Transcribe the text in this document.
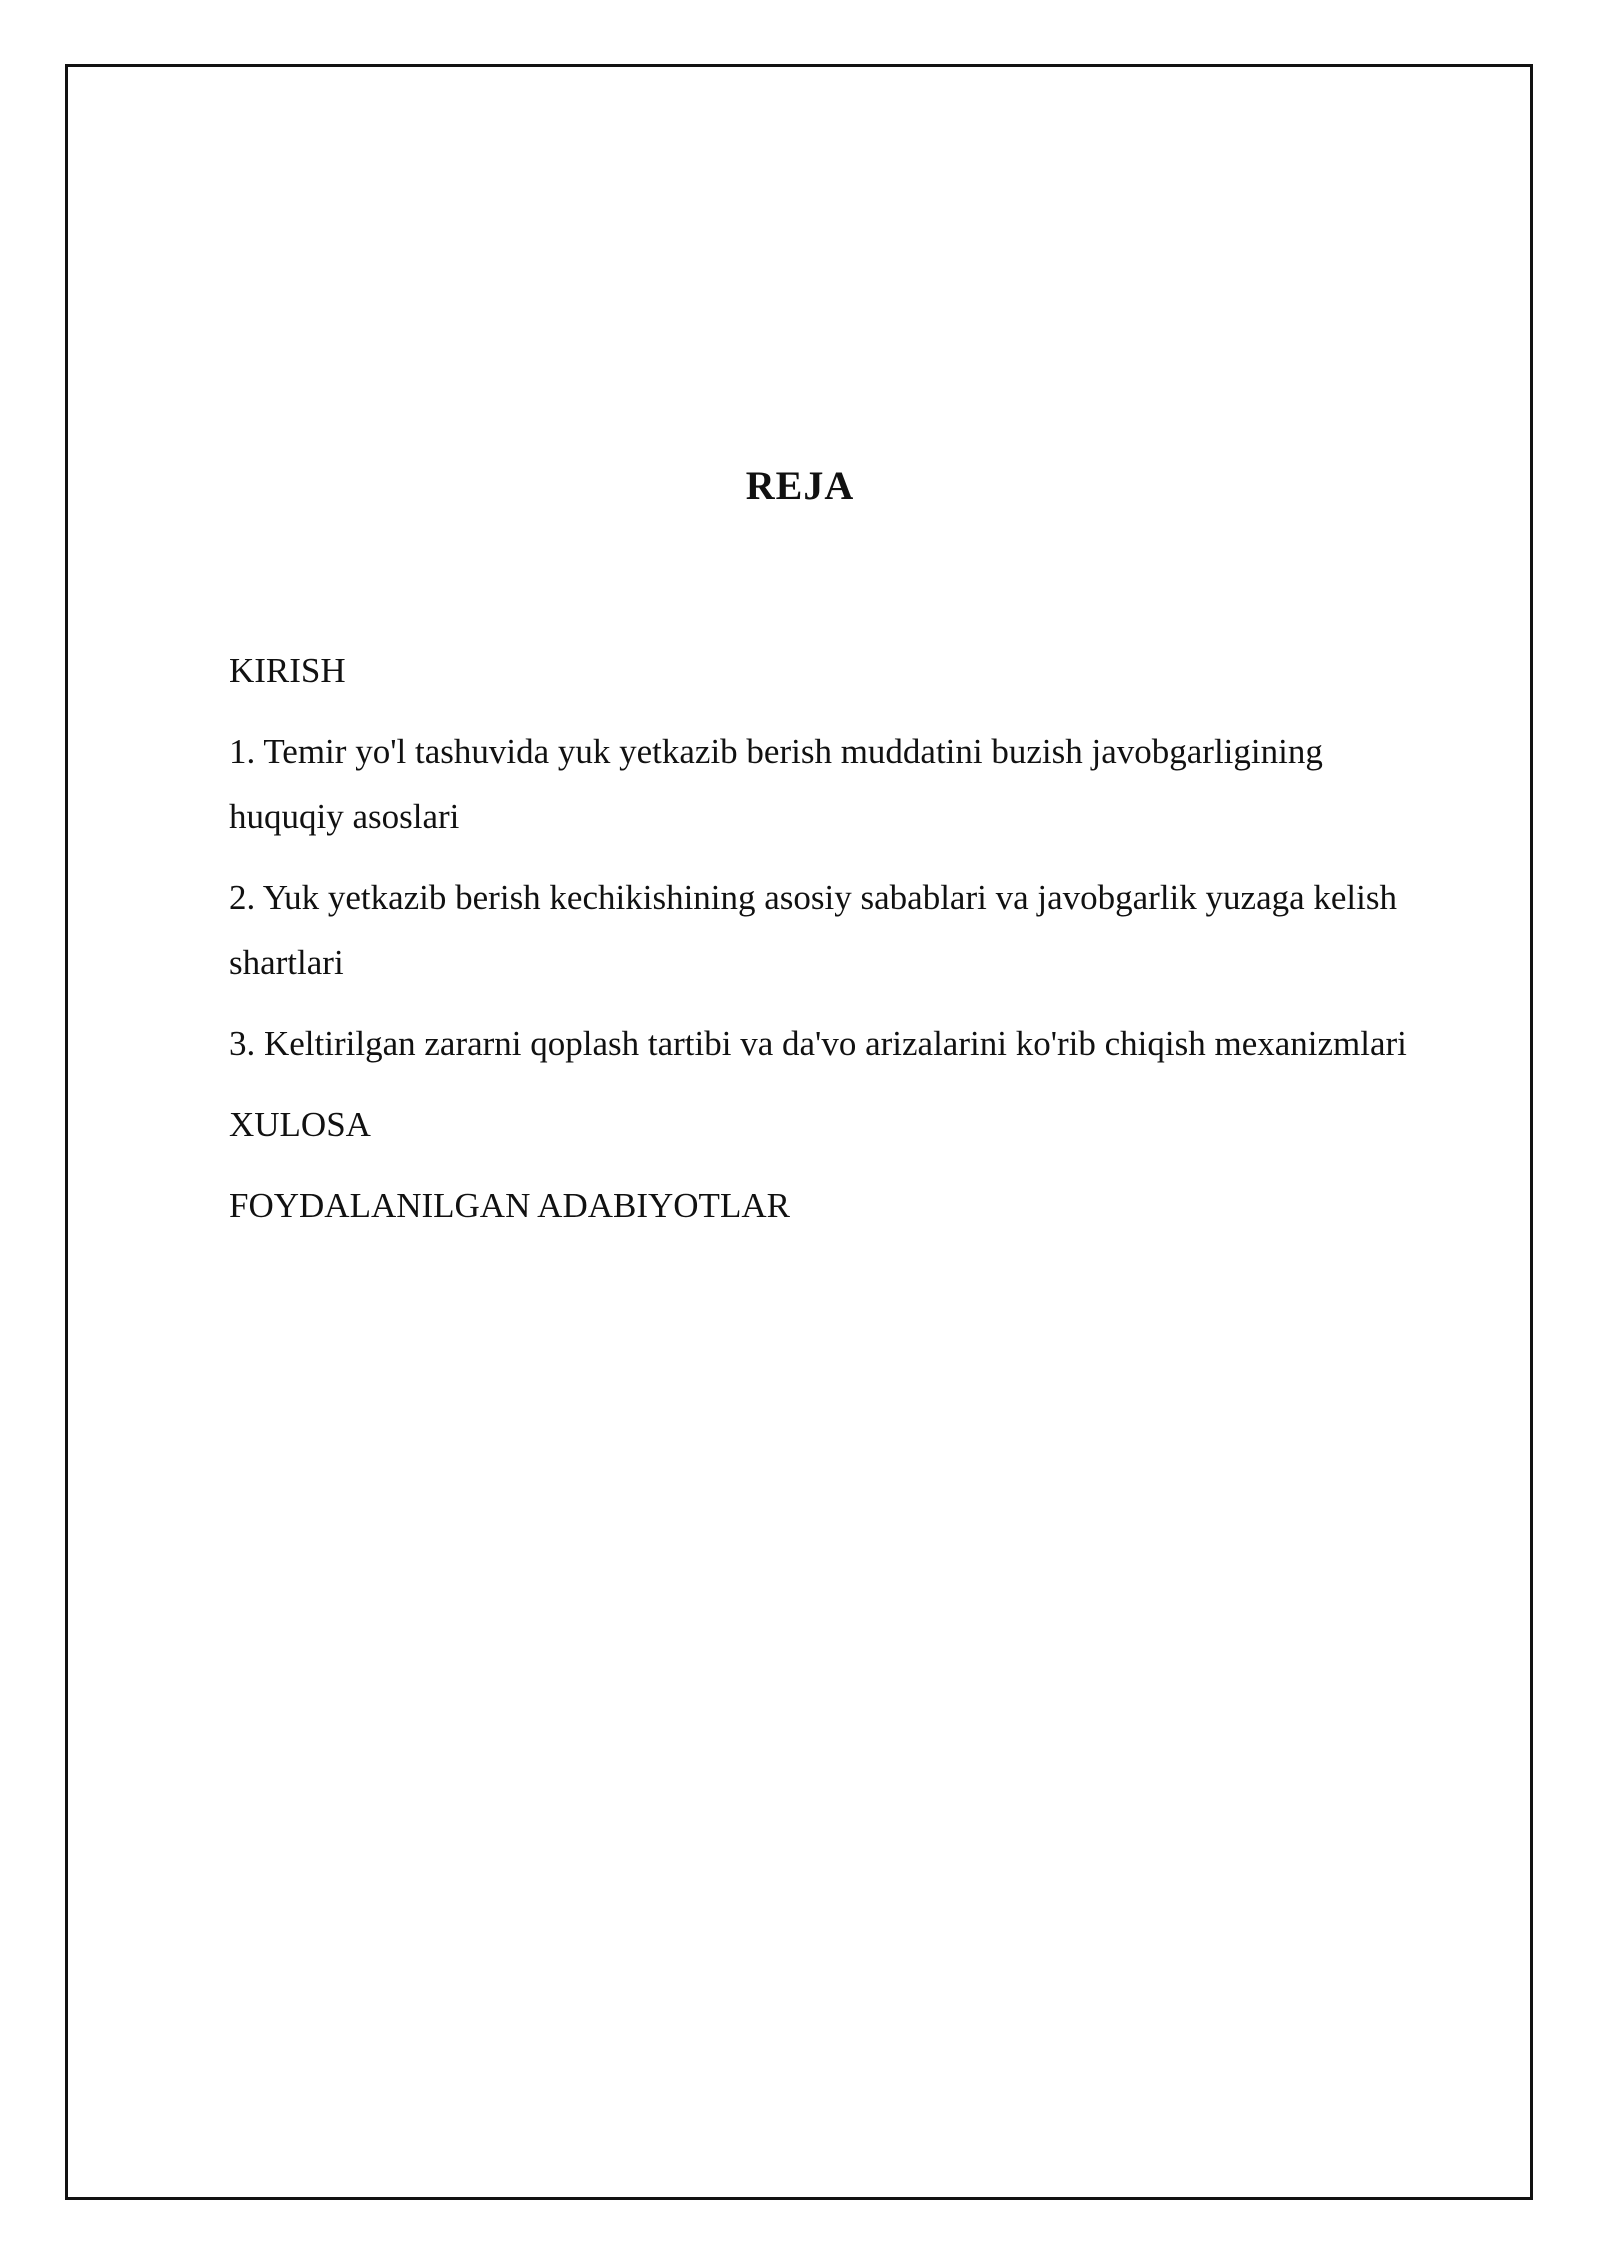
REJA
KIRISH
1. Temir yo'l tashuvida yuk yetkazib berish muddatini buzish javobgarligining huquqiy asoslari
2. Yuk yetkazib berish kechikishining asosiy sabablari va javobgarlik yuzaga kelish shartlari
3. Keltirilgan zararni qoplash tartibi va da'vo arizalarini ko'rib chiqish mexanizmlari
XULOSA
FOYDALANILGAN ADABIYOTLAR
